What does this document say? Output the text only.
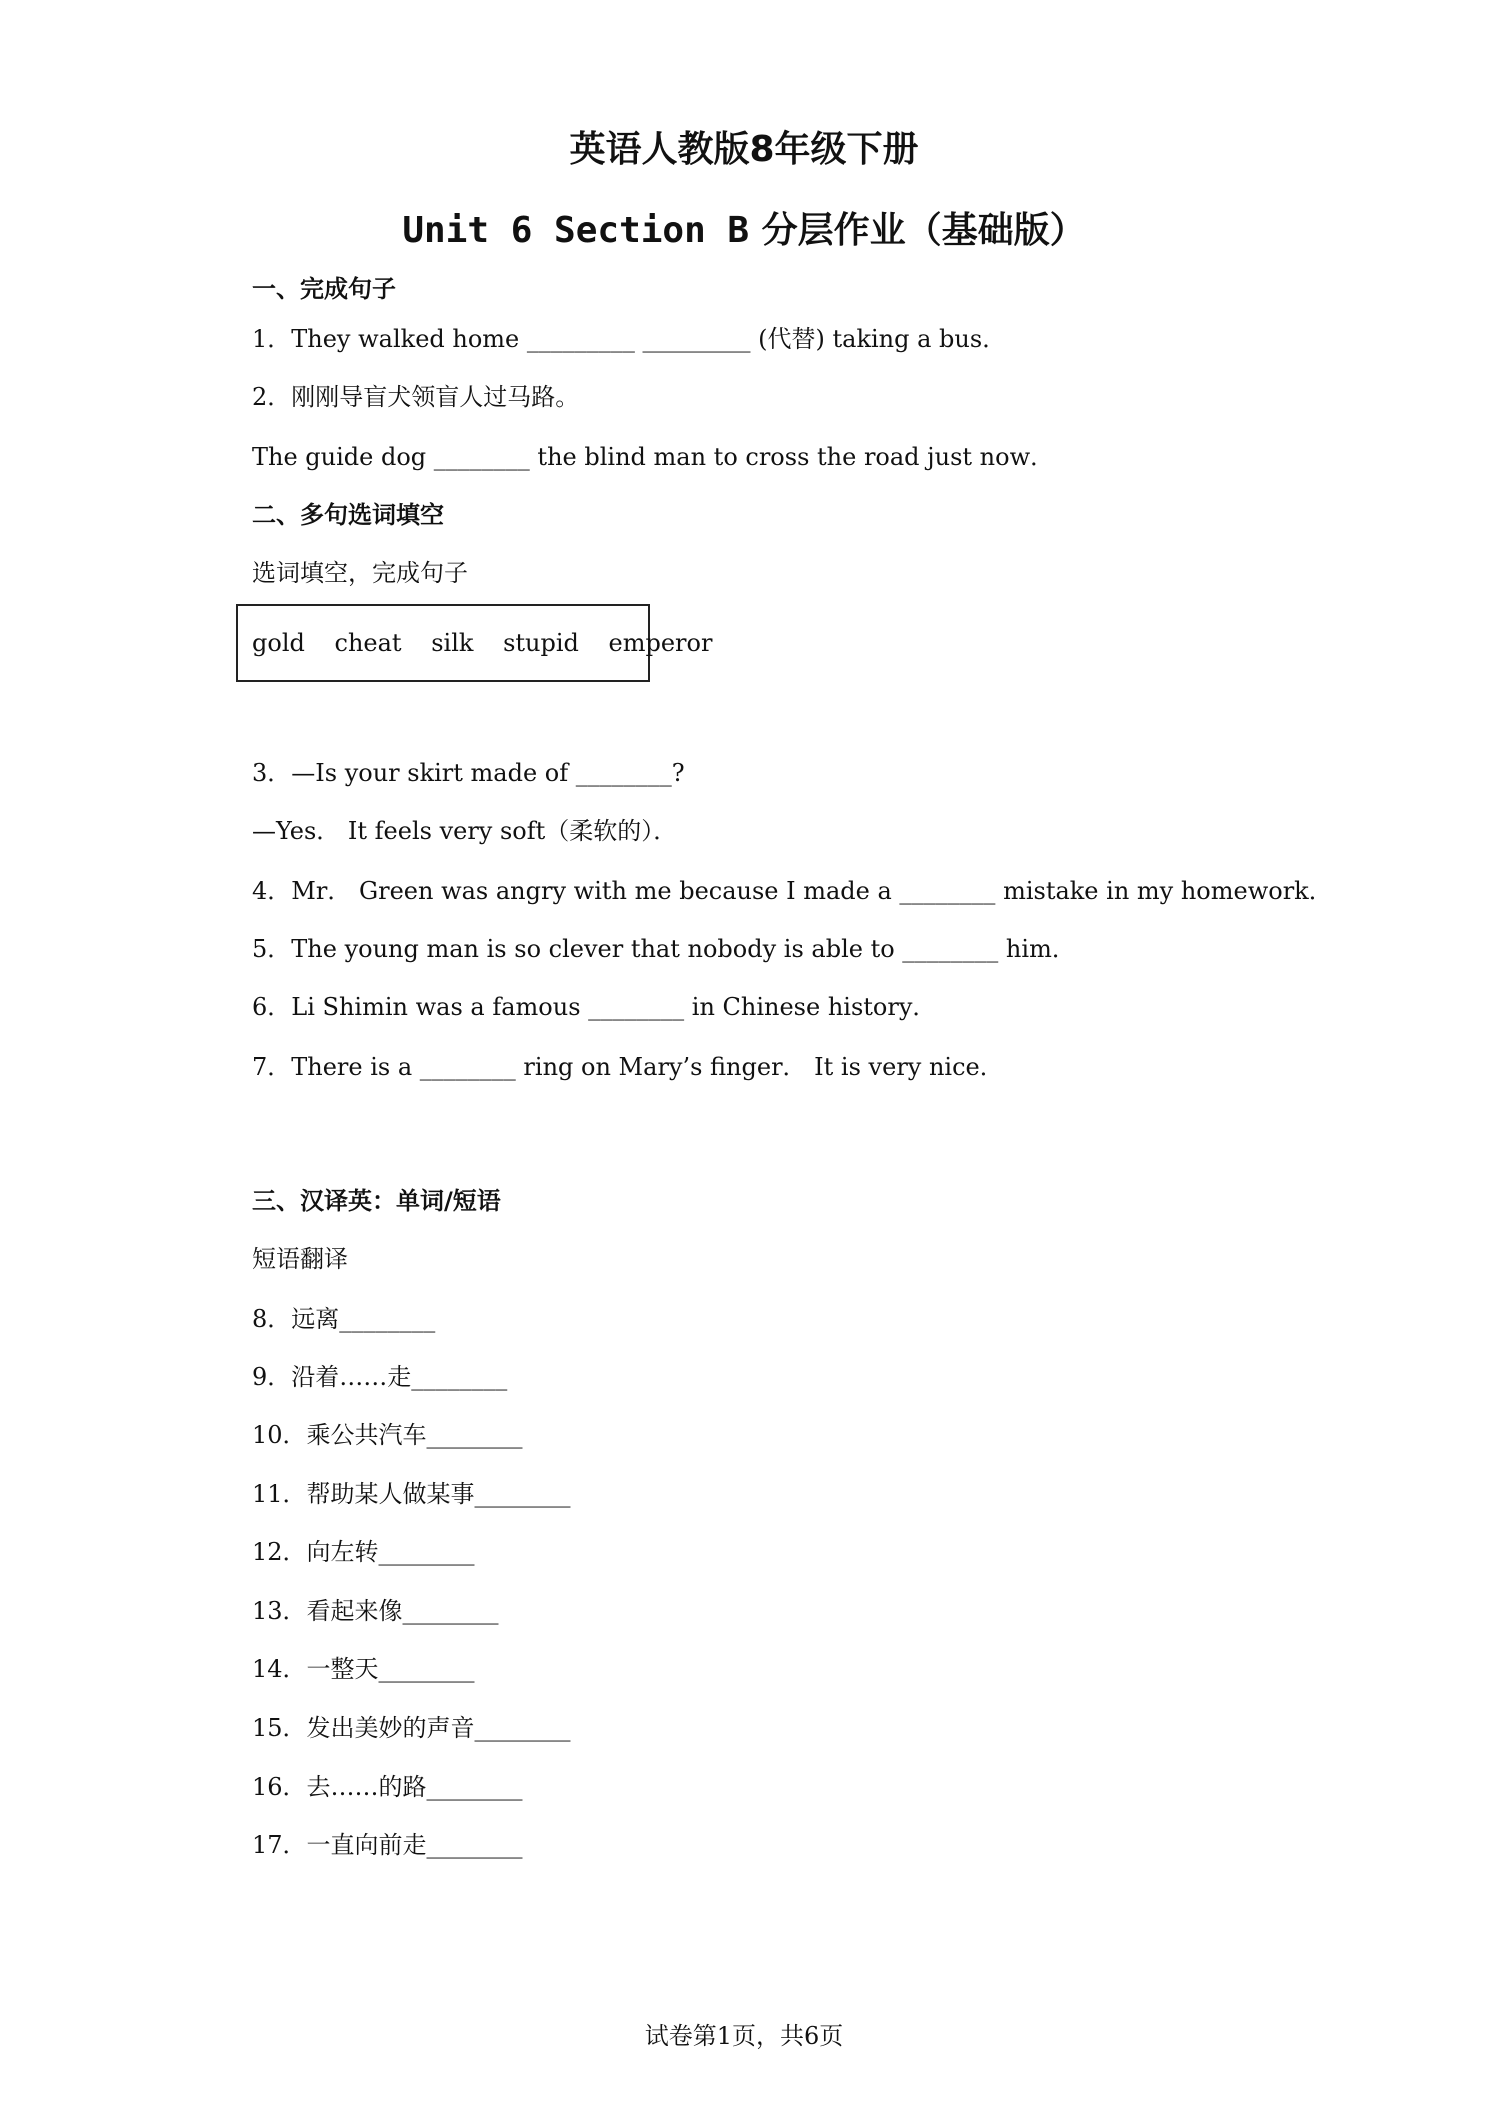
英语人教版8年级下册
Unit 6 Section B 分层作业（基础版）
一、完成句子
1．They walked home _________ _________ (代替) taking a bus．
2．刚刚导盲犬领盲人过马路。
The guide dog ________ the blind man to cross the road just now．
二、多句选词填空
选词填空，完成句子
gold cheat silk stupid emperor
3．—Is your skirt made of ________?
—Yes． It feels very soft（柔软的）．
4．Mr． Green was angry with me because I made a ________ mistake in my homework．
5．The young man is so clever that nobody is able to ________ him．
6．Li Shimin was a famous ________ in Chinese history．
7．There is a ________ ring on Mary’s finger． It is very nice．
三、汉译英：单词/短语
短语翻译
8．远离________
9．沿着……走________
10．乘公共汽车________
11．帮助某人做某事________
12．向左转________
13．看起来像________
14．一整天________
15．发出美妙的声音________
16．去……的路________
17．一直向前走________
试卷第1页，共6页
